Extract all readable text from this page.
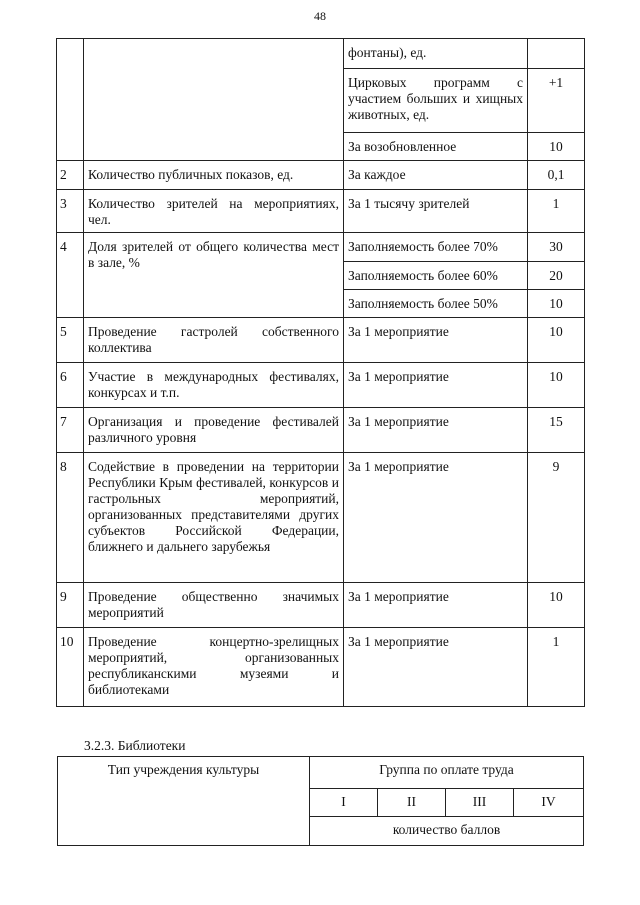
48
		фонтаны), ед.	
		Цирковых программ с участием больших и хищных животных, ед.	+1
		За возобновленное	10
2	Количество публичных показов, ед.	За каждое	0,1
3	Количество зрителей на мероприятиях, чел.	За 1 тысячу зрителей	1
4	Доля зрителей от общего количества мест в зале, %	Заполняемость более 70%	30
		Заполняемость более 60%	20
		Заполняемость более 50%	10
5	Проведение гастролей собственного коллектива	За 1 мероприятие	10
6	Участие в международных фестивалях, конкурсах и т.п.	За 1 мероприятие	10
7	Организация и проведение фестивалей различного уровня	За 1 мероприятие	15
8	Содействие в проведении на территории Республики Крым фестивалей, конкурсов и гастрольных мероприятий, организованных представителями других субъектов Российской Федерации, ближнего и дальнего зарубежья	За 1 мероприятие	9
9	Проведение общественно значимых мероприятий	За 1 мероприятие	10
10	Проведение концертно-зрелищных мероприятий, организованных республиканскими музеями и библиотеками	За 1 мероприятие	1
3.2.3. Библиотеки
Тип учреждения культуры	Группа по оплате труда			
	I	II	III	IV
	количество баллов			
